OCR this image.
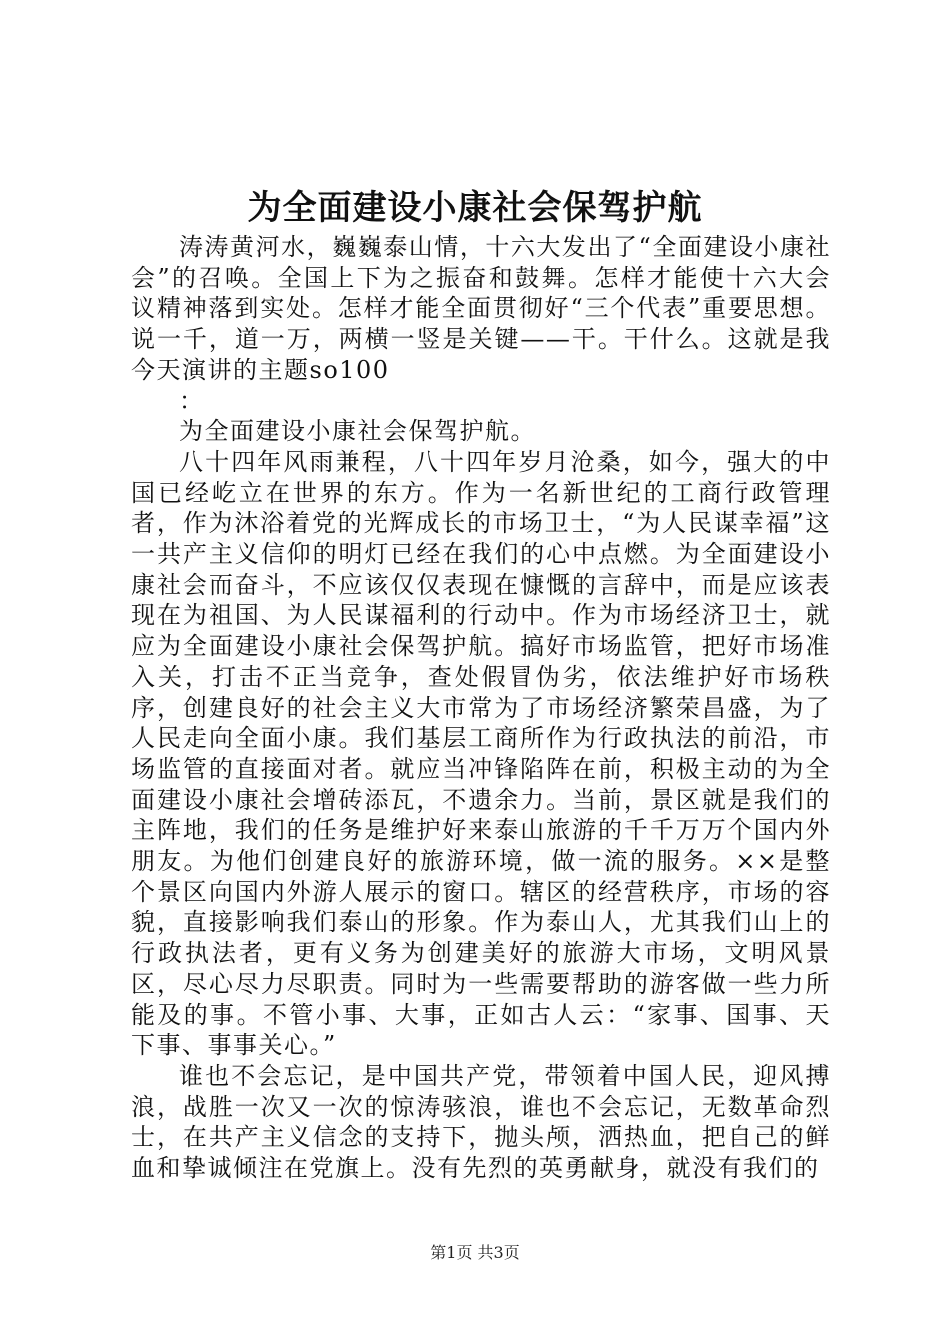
为全面建设小康社会保驾护航

涛涛黄河水，巍巍泰山情，十六大发出了“全面建设小康社会”的召唤。全国上下为之振奋和鼓舞。怎样才能使十六大会议精神落到实处。怎样才能全面贯彻好“三个代表”重要思想。说一千，道一万，两横一竖是关键——干。干什么。这就是我今天演讲的主题so100

：

为全面建设小康社会保驾护航。

八十四年风雨兼程，八十四年岁月沧桑，如今，强大的中国已经屹立在世界的东方。作为一名新世纪的工商行政管理者，作为沐浴着党的光辉成长的市场卫士，“为人民谋幸福”这一共产主义信仰的明灯已经在我们的心中点燃。为全面建设小康社会而奋斗，不应该仅仅表现在慷慨的言辞中，而是应该表现在为祖国、为人民谋福利的行动中。作为市场经济卫士，就应为全面建设小康社会保驾护航。搞好市场监管，把好市场准入关，打击不正当竞争，查处假冒伪劣，依法维护好市场秩序，创建良好的社会主义大市常为了市场经济繁荣昌盛，为了人民走向全面小康。我们基层工商所作为行政执法的前沿，市场监管的直接面对者。就应当冲锋陷阵在前，积极主动的为全面建设小康社会增砖添瓦，不遗余力。当前，景区就是我们的主阵地，我们的任务是维护好来泰山旅游的千千万万个国内外朋友。为他们创建良好的旅游环境，做一流的服务。××是整个景区向国内外游人展示的窗口。辖区的经营秩序，市场的容貌，直接影响我们泰山的形象。作为泰山人，尤其我们山上的行政执法者，更有义务为创建美好的旅游大市场，文明风景区，尽心尽力尽职责。同时为一些需要帮助的游客做一些力所能及的事。不管小事、大事，正如古人云：“家事、国事、天下事、事事关心。”

谁也不会忘记，是中国共产党，带领着中国人民，迎风搏浪，战胜一次又一次的惊涛骇浪，谁也不会忘记，无数革命烈士，在共产主义信念的支持下，抛头颅，洒热血，把自己的鲜血和挚诚倾注在党旗上。没有先烈的英勇献身，就没有我们的

第1页 共3页
